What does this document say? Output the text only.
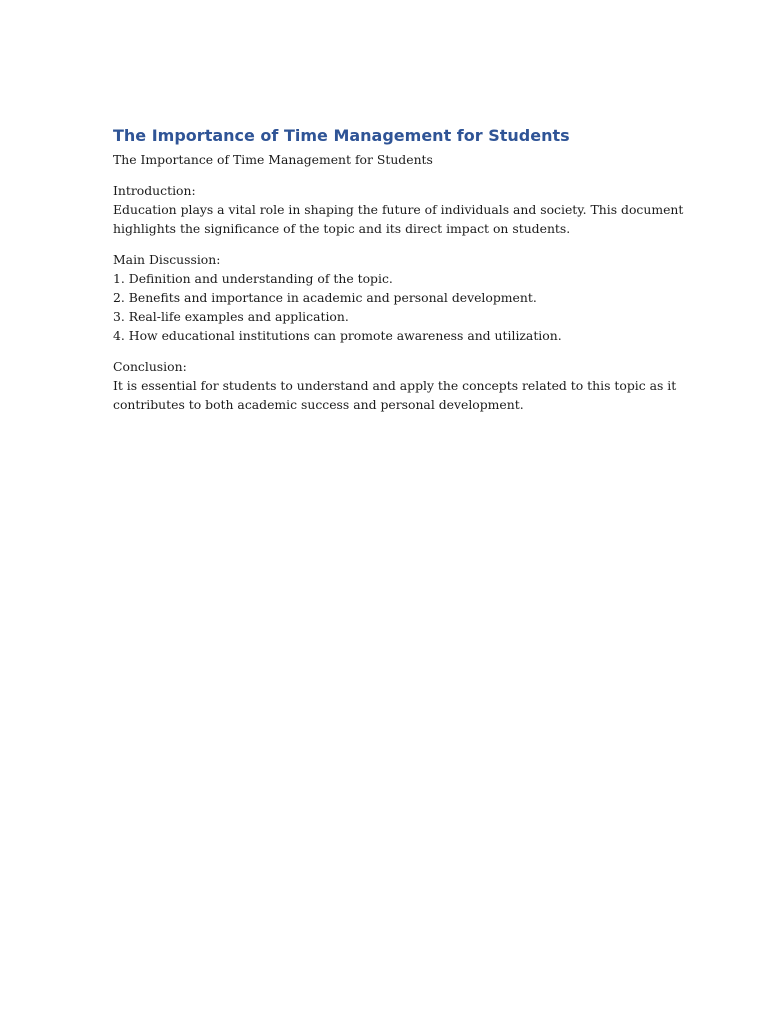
The Importance of Time Management for Students

The Importance of Time Management for Students

Introduction:
Education plays a vital role in shaping the future of individuals and society. This document
highlights the significance of the topic and its direct impact on students.

Main Discussion:
1. Definition and understanding of the topic.
2. Benefits and importance in academic and personal development.
3. Real-life examples and application.
4. How educational institutions can promote awareness and utilization.

Conclusion:
It is essential for students to understand and apply the concepts related to this topic as it
contributes to both academic success and personal development.
